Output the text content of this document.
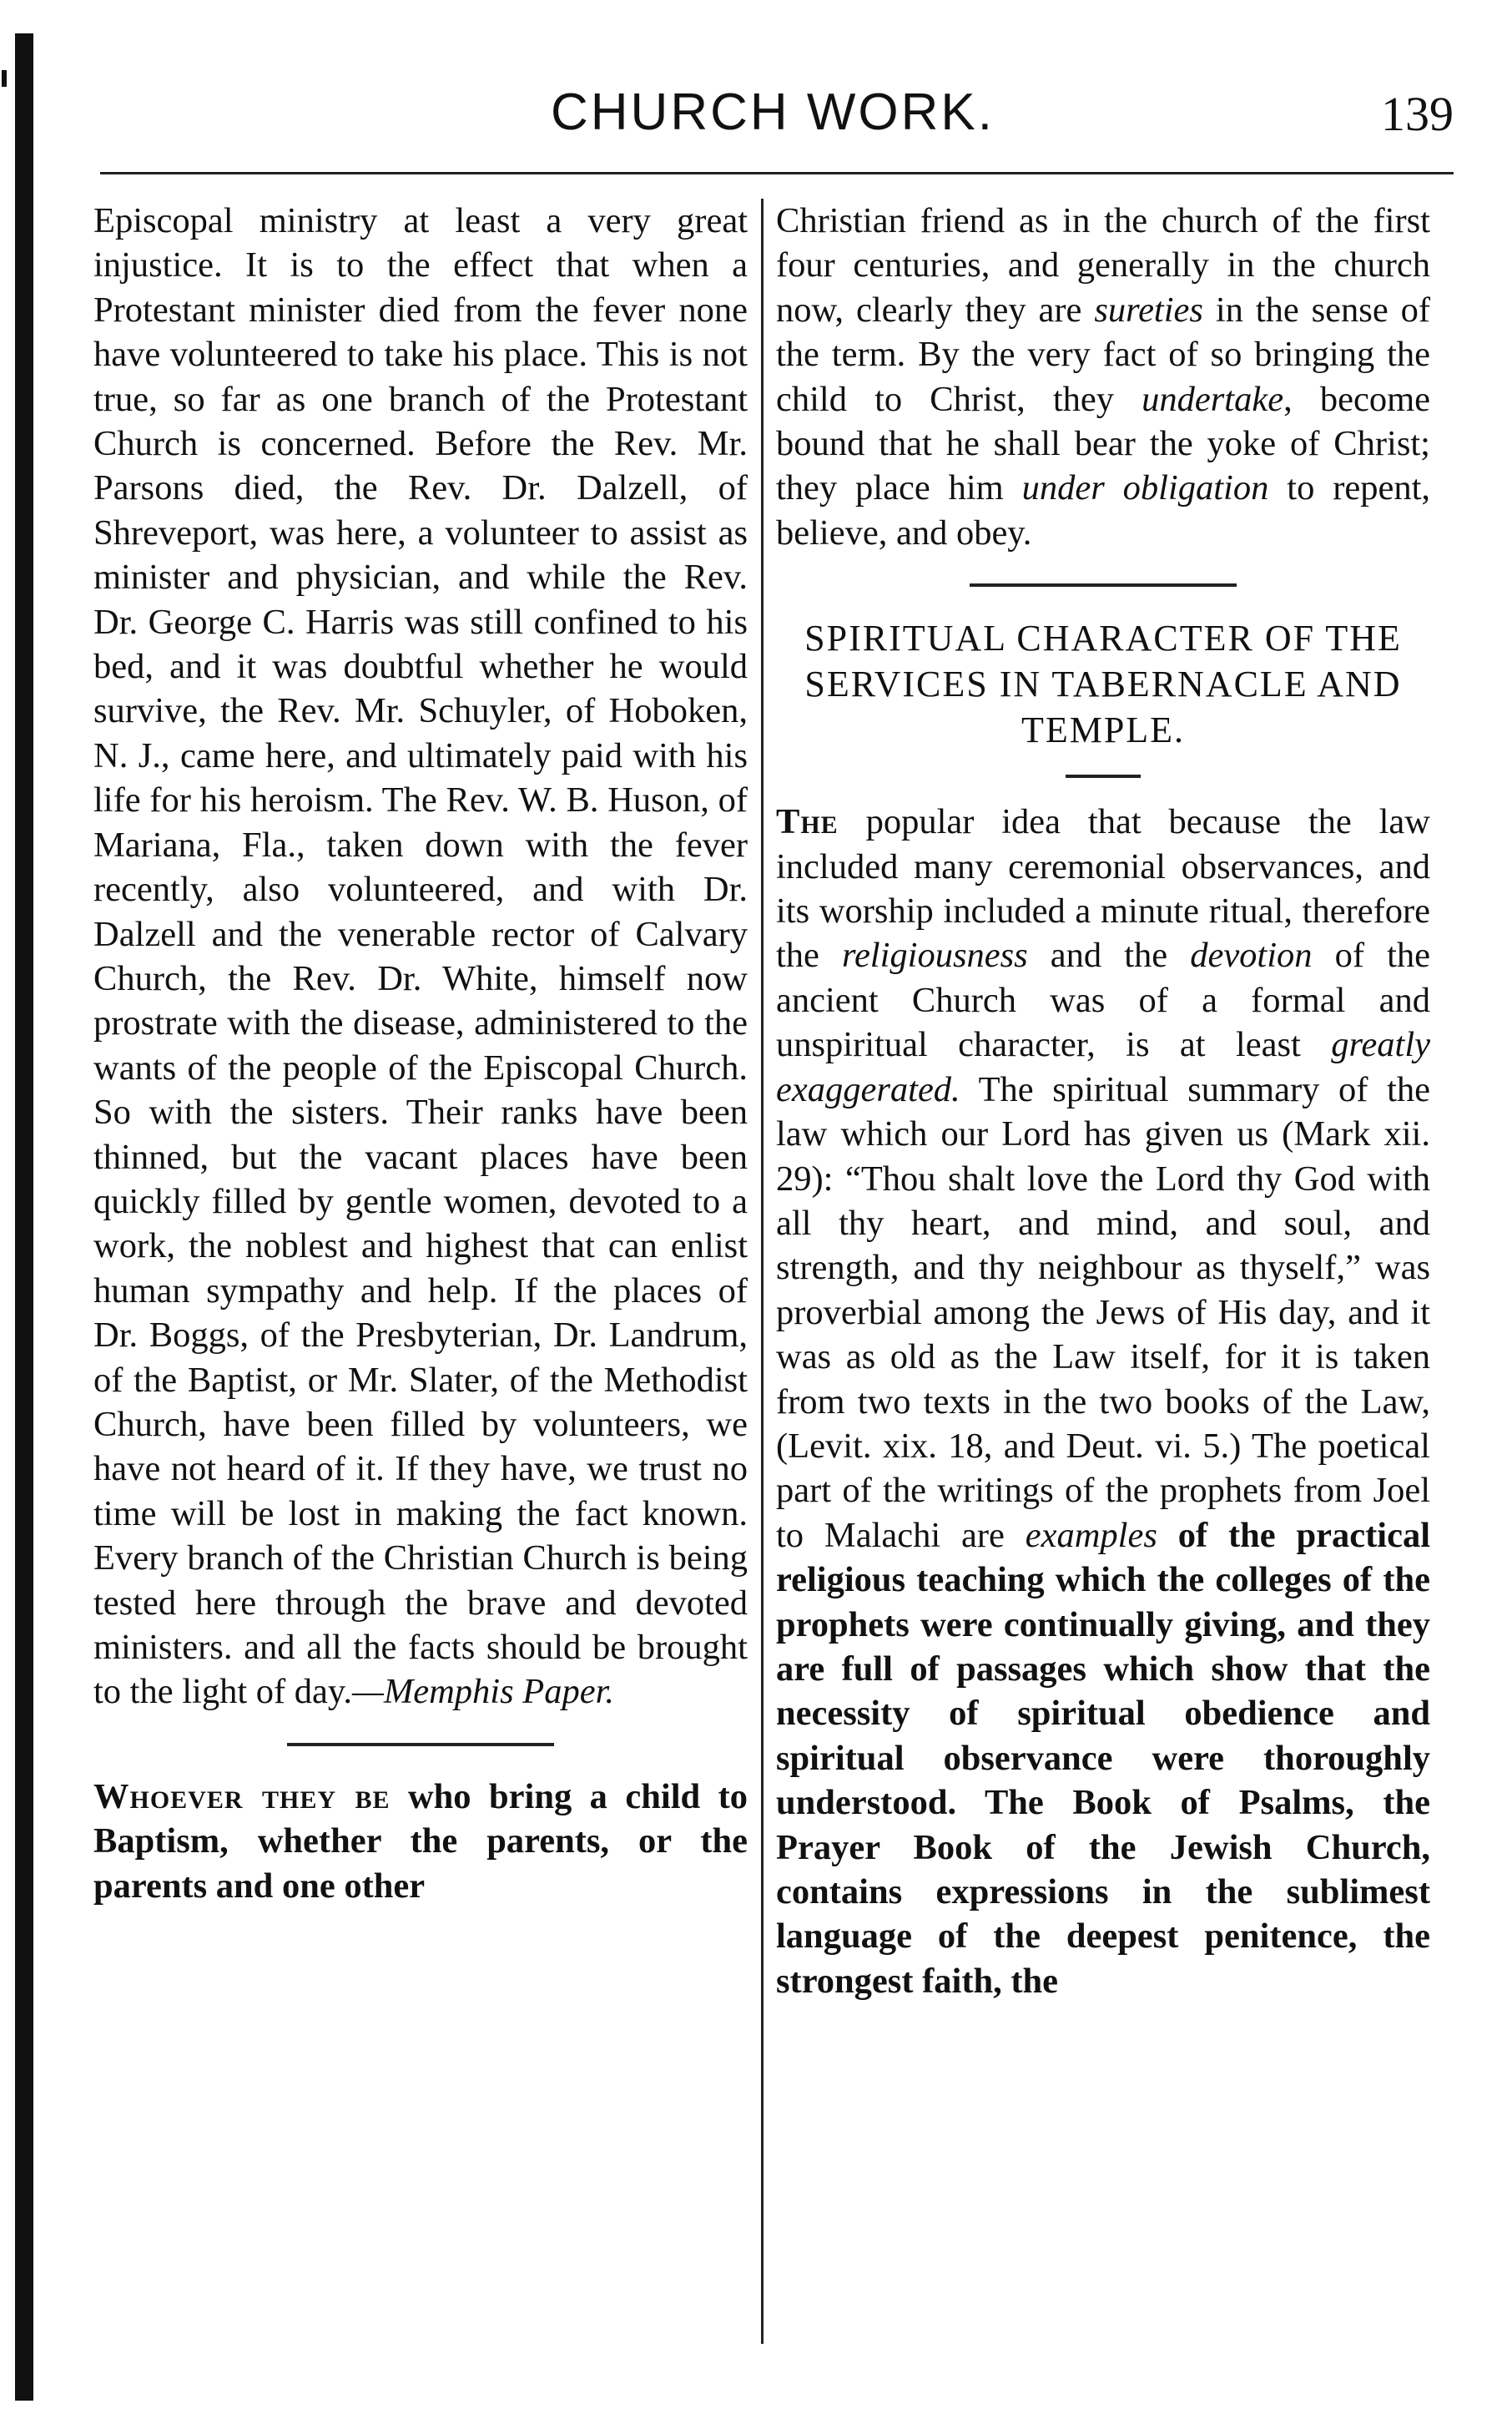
CHURCH WORK.	139

Episcopal ministry at least a very great injustice. It is to the effect that when a Protestant minister died from the fever none have volunteered to take his place. This is not true, so far as one branch of the Protestant Church is concerned. Before the Rev. Mr. Parsons died, the Rev. Dr. Dalzell, of Shreveport, was here, a volunteer to assist as minister and physician, and while the Rev. Dr. George C. Harris was still confined to his bed, and it was doubtful whether he would survive, the Rev. Mr. Schuyler, of Hoboken, N. J., came here, and ultimately paid with his life for his heroism. The Rev. W. B. Huson, of Mariana, Fla., taken down with the fever recently, also volunteered, and with Dr. Dalzell and the venerable rector of Calvary Church, the Rev. Dr. White, himself now prostrate with the disease, administered to the wants of the people of the Episcopal Church. So with the sisters. Their ranks have been thinned, but the vacant places have been quickly filled by gentle women, devoted to a work, the noblest and highest that can enlist human sympathy and help. If the places of Dr. Boggs, of the Presbyterian, Dr. Landrum, of the Baptist, or Mr. Slater, of the Methodist Church, have been filled by volunteers, we have not heard of it. If they have, we trust no time will be lost in making the fact known. Every branch of the Christian Church is being tested here through the brave and devoted ministers. and all the facts should be brought to the light of day.—Memphis Paper.

Whoever they be who bring a child to Baptism, whether the parents, or the parents and one other

Christian friend as in the church of the first four centuries, and generally in the church now, clearly they are sureties in the sense of the term. By the very fact of so bringing the child to Christ, they undertake, become bound that he shall bear the yoke of Christ; they place him under obligation to repent, believe, and obey.

SPIRITUAL CHARACTER OF THE SERVICES IN TABERNACLE AND TEMPLE.

The popular idea that because the law included many ceremonial observances, and its worship included a minute ritual, therefore the religiousness and the devotion of the ancient Church was of a formal and unspiritual character, is at least greatly exaggerated. The spiritual summary of the law which our Lord has given us (Mark xii. 29): “Thou shalt love the Lord thy God with all thy heart, and mind, and soul, and strength, and thy neighbour as thyself,” was proverbial among the Jews of His day, and it was as old as the Law itself, for it is taken from two texts in the two books of the Law, (Levit. xix. 18, and Deut. vi. 5.) The poetical part of the writings of the prophets from Joel to Malachi are examples of the practical religious teaching which the colleges of the prophets were continually giving, and they are full of passages which show that the necessity of spiritual obedience and spiritual observance were thoroughly understood. The Book of Psalms, the Prayer Book of the Jewish Church, contains expressions in the sublimest language of the deepest penitence, the strongest faith, the
